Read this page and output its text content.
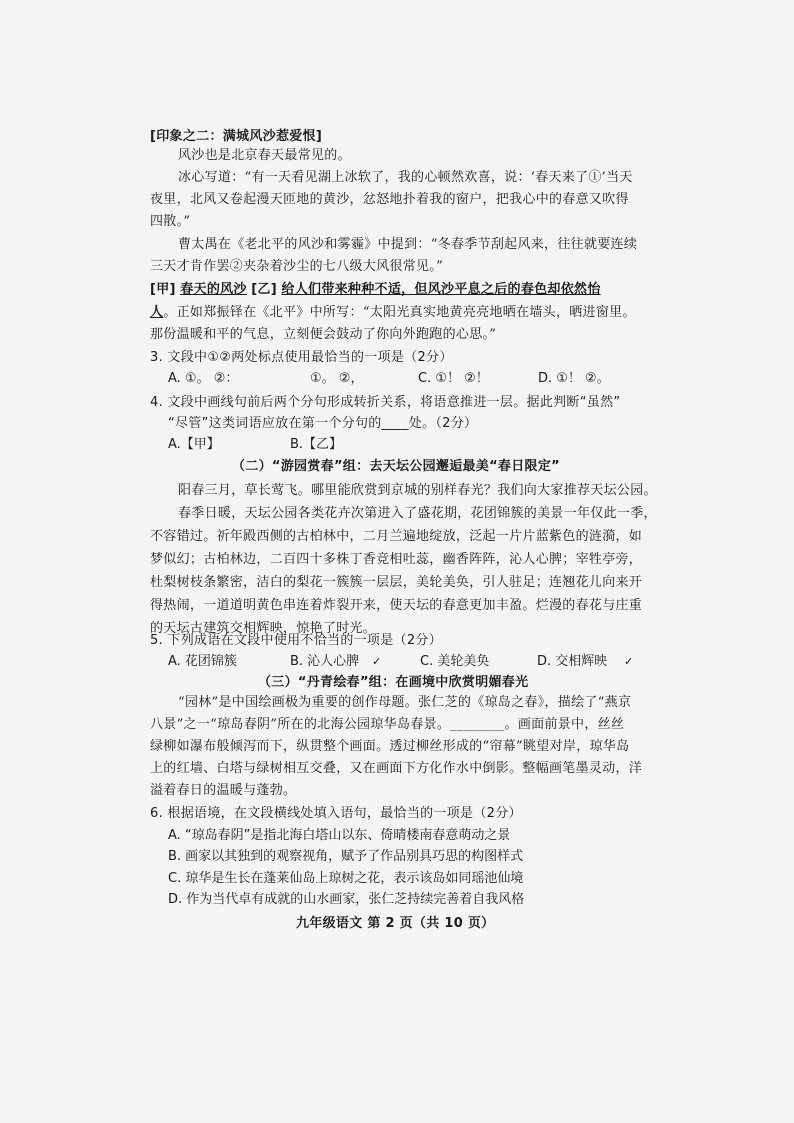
[印象之二：满城风沙惹爱恨]
风沙也是北京春天最常见的。
冰心写道：“有一天看见湖上冰软了，我的心顿然欢喜，说：‘春天来了①’当天
夜里，北风又卷起漫天匝地的黄沙，忿怒地扑着我的窗户，把我心中的春意又吹得
四散。”
曹太禺在《老北平的风沙和雾霾》中提到：“冬春季节刮起风来，往往就要连续
三天才肯作罢②夹杂着沙尘的七八级大风很常见。”
[甲] 春天的风沙 [乙] 给人们带来种种不适，但风沙平息之后的春色却依然怡
人。正如郑振铎在《北平》中所写：“太阳光真实地黄亮亮地晒在墙头，晒进窗里。
那份温暖和平的气息，立刻便会鼓动了你向外跑跑的心思。”
3. 文段中①②两处标点使用最恰当的一项是（2分）
A. ①。 ②：	①。 ②，	C. ①！ ②！	D. ①！ ②。
4. 文段中画线句前后两个分句形成转折关系，将语意推进一层。据此判断“虽然”
“尽管”这类词语应放在第一个分句的____处。（2分）
A.【甲】	B.【乙】
（二）“游园赏春”组：去天坛公园邂逅最美“春日限定”
阳春三月，草长莺飞。哪里能欣赏到京城的别样春光？我们向大家推荐天坛公园。
春季日暖，天坛公园各类花卉次第进入了盛花期，花团锦簇的美景一年仅此一季，
不容错过。祈年殿西侧的古柏林中，二月兰遍地绽放，泛起一片片蓝紫色的涟漪，如
梦似幻；古柏林边，二百四十多株丁香竞相吐蕊，幽香阵阵，沁人心脾；宰牲亭旁，
杜梨树枝条繁密，洁白的梨花一簇簇一层层，美轮美奂，引人驻足；连翘花儿向来开
得热闹，一道道明黄色串连着炸裂开来，使天坛的春意更加丰盈。烂漫的春花与庄重
的天坛古建筑交相辉映，惊艳了时光。
5. 下列成语在文段中使用不恰当的一项是（2分）
A. 花团锦簇	B. 沁人心脾 ✓	C. 美轮美奂	D. 交相辉映 ✓
（三）“丹青绘春”组：在画境中欣赏明媚春光
“园林”是中国绘画极为重要的创作母题。张仁芝的《琼岛之春》，描绘了“燕京
八景”之一“琼岛春阴”所在的北海公园琼华岛春景。________。画面前景中，丝丝
绿柳如瀑布般倾泻而下，纵贯整个画面。透过柳丝形成的“帘幕”眺望对岸，琼华岛
上的红墙、白塔与绿树相互交叠，又在画面下方化作水中倒影。整幅画笔墨灵动，洋
溢着春日的温暖与蓬勃。
6. 根据语境，在文段横线处填入语句，最恰当的一项是（2分）
A. “琼岛春阴”是指北海白塔山以东、倚晴楼南春意萌动之景
B. 画家以其独到的观察视角，赋予了作品别具巧思的构图样式
C. 琼华是生长在蓬莱仙岛上琼树之花，表示该岛如同瑶池仙境
D. 作为当代卓有成就的山水画家，张仁芝持续完善着自我风格
九年级语文 第 2 页（共 10 页）
